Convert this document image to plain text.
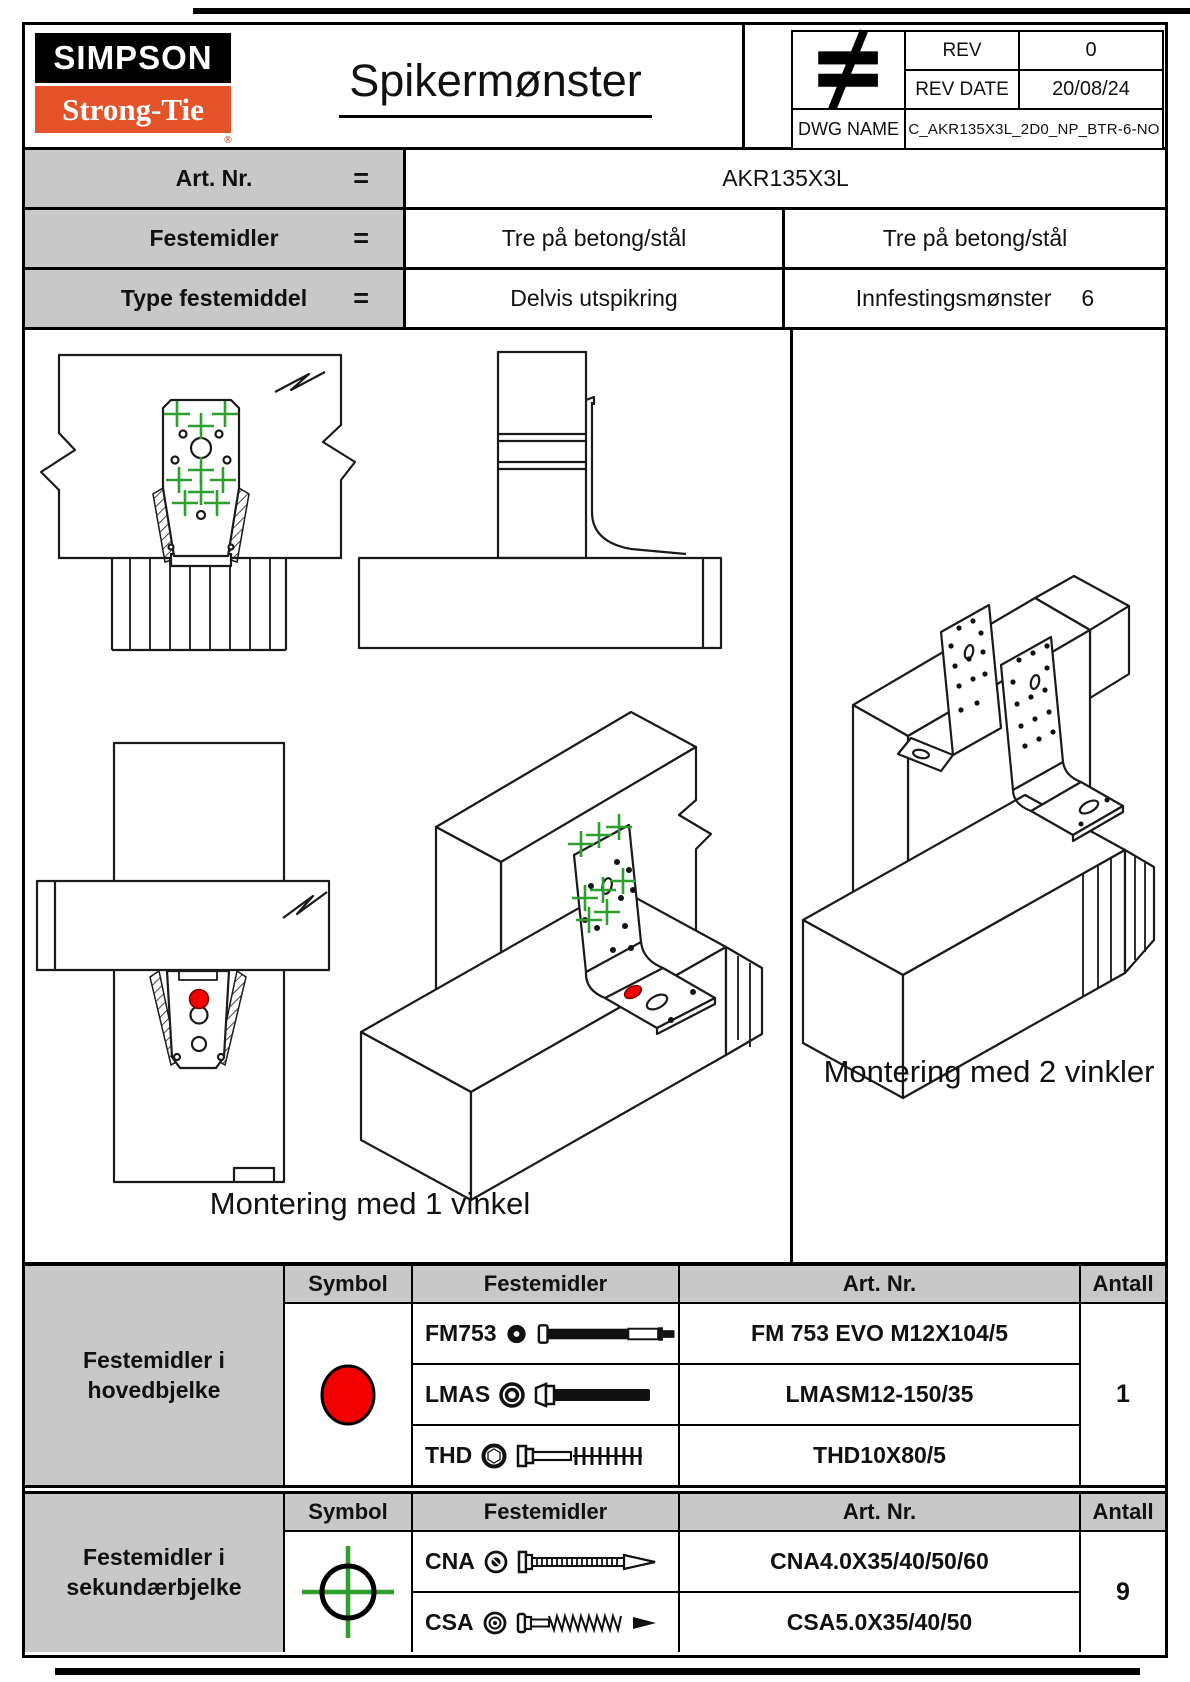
SIMPSON
Strong-Tie
®
Spikermønster
REV	0
REV DATE	20/08/24
DWG NAME C_AKR135X3L_2D0_NP_BTR-6-NO
Art. Nr.	=	AKR135X3L
Festemidler	=	Tre på betong/stål	Tre på betong/stål
Type festemiddel =	Delvis utspikring	Innfestingsmønster 6
Montering med 1 vinkel
Montering med 2 vinkler
Festemidler i hovedbjelke
Symbol	Festemidler	Art. Nr.	Antall
FM753	FM 753 EVO M12X104/5
LMAS	LMASM12-150/35
THD	THD10X80/5
1
Festemidler i sekundærbjelke
Symbol	Festemidler	Art. Nr.	Antall
CNA	CNA4.0X35/40/50/60
CSA	CSA5.0X35/40/50
9
